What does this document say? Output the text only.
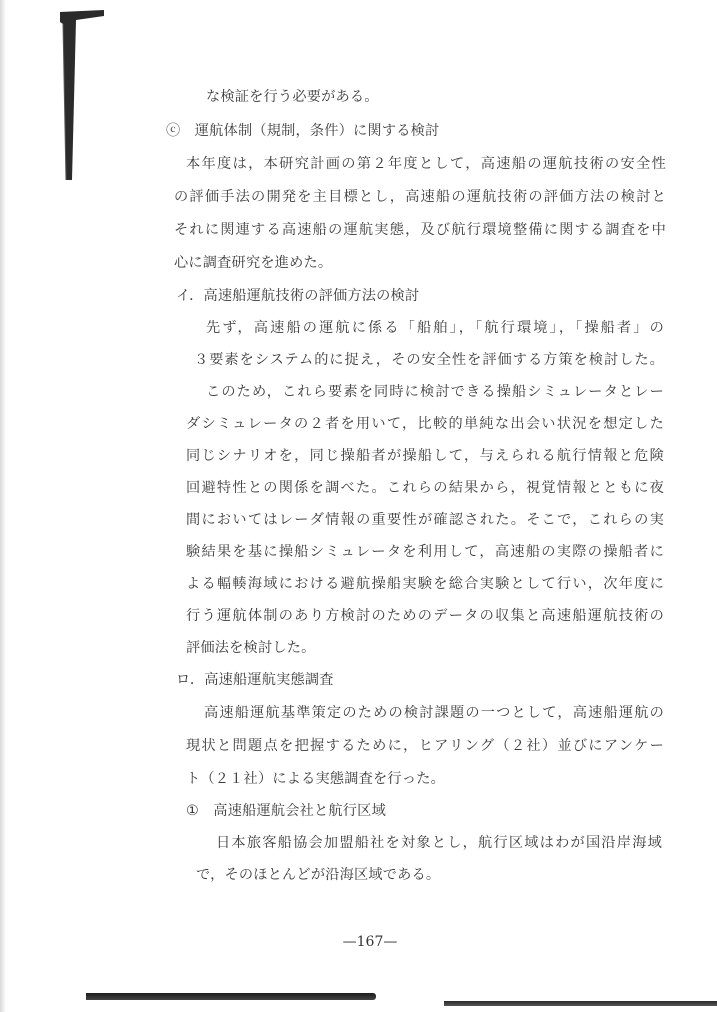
な検証を行う必要がある。
ⓒ　運航体制（規制，条件）に関する検討
本年度は，本研究計画の第２年度として，高速船の運航技術の安全性
の評価手法の開発を主目標とし，高速船の運航技術の評価方法の検討と
それに関連する高速船の運航実態，及び航行環境整備に関する調査を中
心に調査研究を進めた。
イ．高速船運航技術の評価方法の検討
先ず，高速船の運航に係る「船舶」，「航行環境」，「操船者」の
３要素をシステム的に捉え，その安全性を評価する方策を検討した。
このため，これら要素を同時に検討できる操船シミュレータとレー
ダシミュレータの２者を用いて，比較的単純な出会い状況を想定した
同じシナリオを，同じ操船者が操船して，与えられる航行情報と危険
回避特性との関係を調べた。これらの結果から，視覚情報とともに夜
間においてはレーダ情報の重要性が確認された。そこで，これらの実
験結果を基に操船シミュレータを利用して，高速船の実際の操船者に
よる輻輳海域における避航操船実験を総合実験として行い，次年度に
行う運航体制のあり方検討のためのデータの収集と高速船運航技術の
評価法を検討した。
ロ．高速船運航実態調査
高速船運航基準策定のための検討課題の一つとして，高速船運航の
現状と問題点を把握するために，ヒアリング（２社）並びにアンケー
ト（２１社）による実態調査を行った。
①　高速船運航会社と航行区域
日本旅客船協会加盟船社を対象とし，航行区域はわが国沿岸海域
で，そのほとんどが沿海区域である。
—167—
